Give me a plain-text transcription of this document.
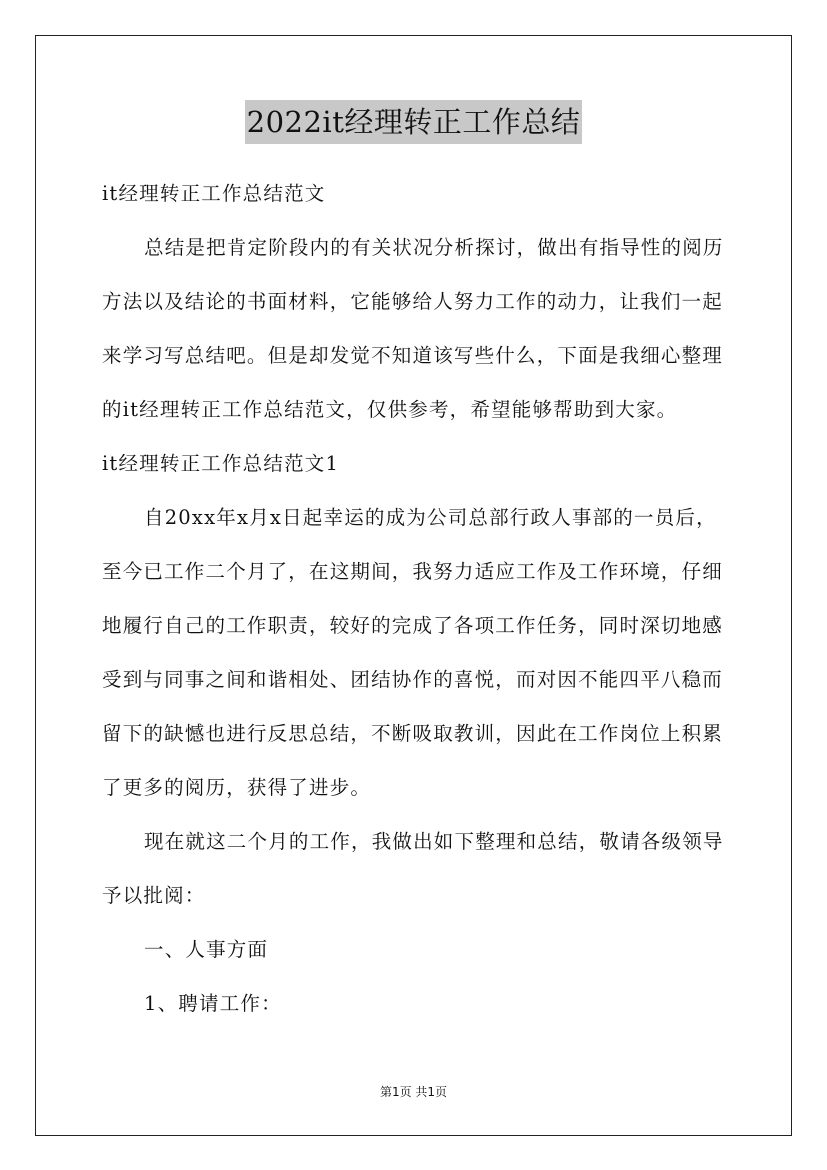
2022it经理转正工作总结
it经理转正工作总结范文
总结是把肯定阶段内的有关状况分析探讨，做出有指导性的阅历
方法以及结论的书面材料，它能够给人努力工作的动力，让我们一起
来学习写总结吧。但是却发觉不知道该写些什么，下面是我细心整理
的it经理转正工作总结范文，仅供参考，希望能够帮助到大家。
it经理转正工作总结范文1
自20xx年x月x日起幸运的成为公司总部行政人事部的一员后，
至今已工作二个月了，在这期间，我努力适应工作及工作环境，仔细
地履行自己的工作职责，较好的完成了各项工作任务，同时深切地感
受到与同事之间和谐相处、团结协作的喜悦，而对因不能四平八稳而
留下的缺憾也进行反思总结，不断吸取教训，因此在工作岗位上积累
了更多的阅历，获得了进步。
现在就这二个月的工作，我做出如下整理和总结，敬请各级领导
予以批阅：
一、人事方面
1、聘请工作：
第1页 共1页
